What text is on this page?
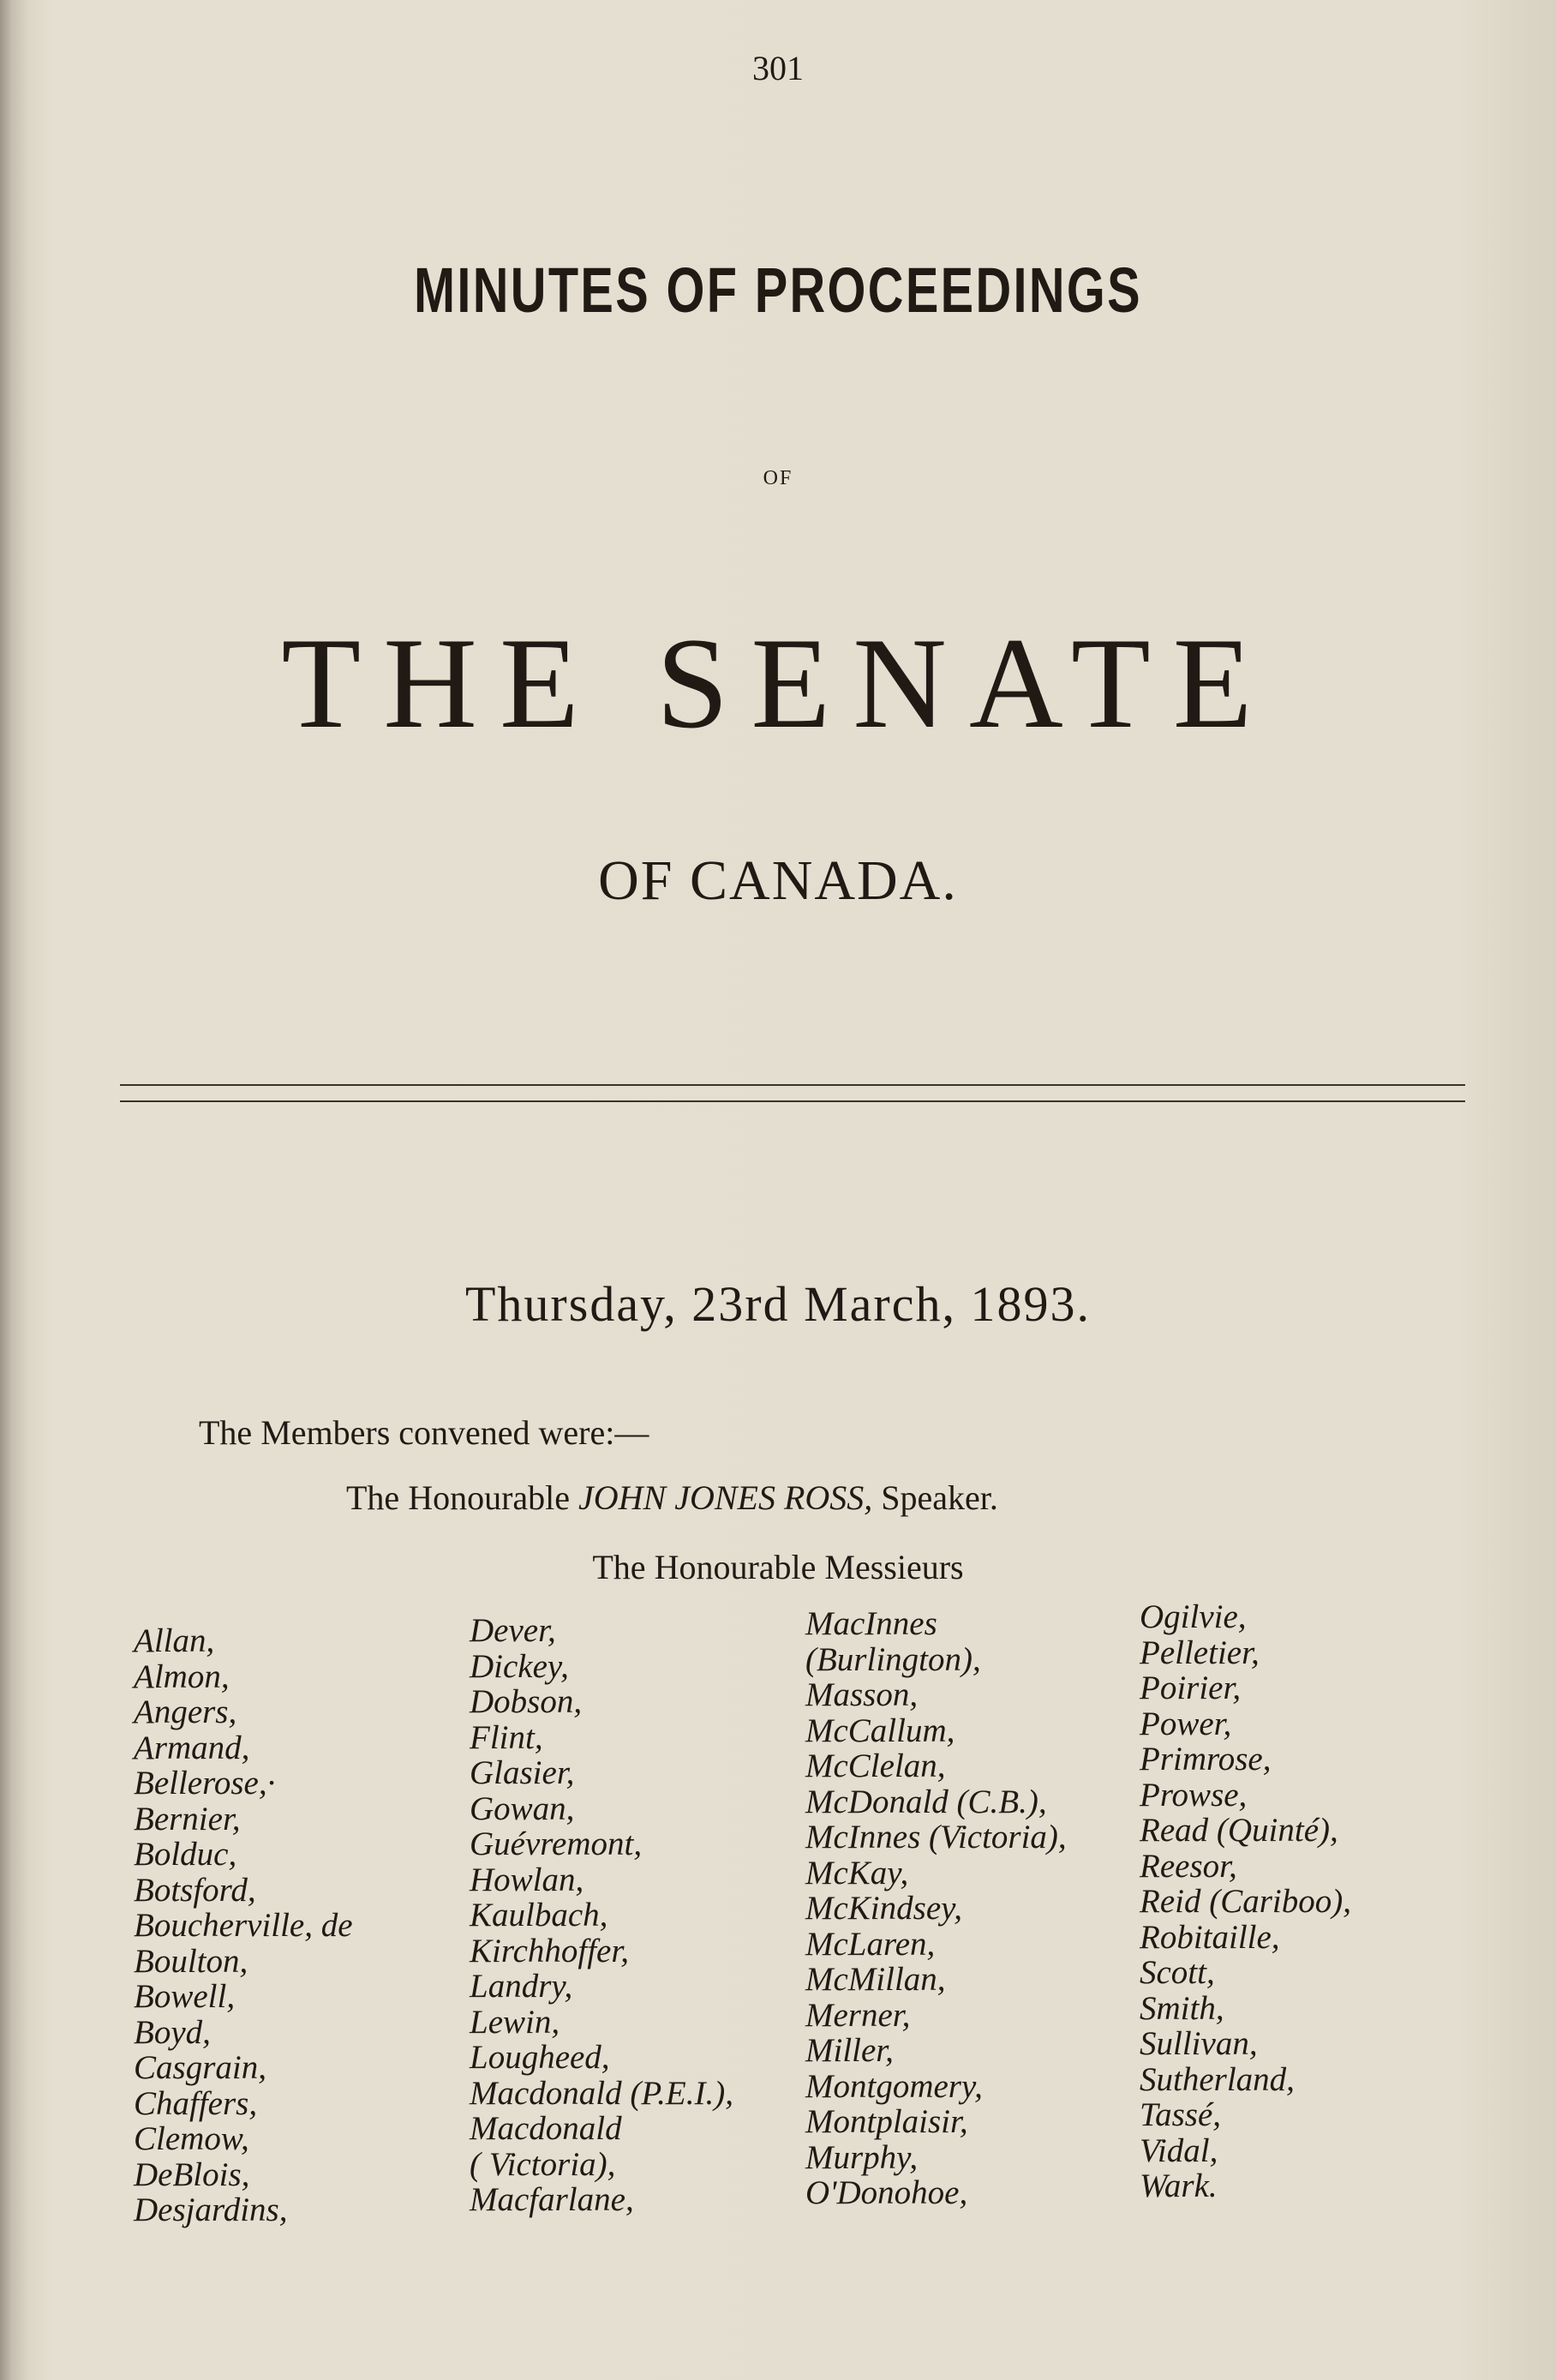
301
MINUTES OF PROCEEDINGS
OF
THE SENATE
OF CANADA.
Thursday, 23rd March, 1893.
The Members convened were:—
The Honourable JOHN JONES ROSS, Speaker.
The Honourable Messieurs
Allan,
Almon,
Angers,
Armand,
Bellerose,·
Bernier,
Bolduc,
Botsford,
Boucherville, de
Boulton,
Bowell,
Boyd,
Casgrain,
Chaffers,
Clemow,
DeBlois,
Desjardins,
Dever,
Dickey,
Dobson,
Flint,
Glasier,
Gowan,
Guévremont,
Howlan,
Kaulbach,
Kirchhoffer,
Landry,
Lewin,
Lougheed,
Macdonald (P.E.I.),
Macdonald
( Victoria),
Macfarlane,
MacInnes
(Burlington),
Masson,
McCallum,
McClelan,
McDonald (C.B.),
McInnes (Victoria),
McKay,
McKindsey,
McLaren,
McMillan,
Merner,
Miller,
Montgomery,
Montplaisir,
Murphy,
O'Donohoe,
Ogilvie,
Pelletier,
Poirier,
Power,
Primrose,
Prowse,
Read (Quinté),
Reesor,
Reid (Cariboo),
Robitaille,
Scott,
Smith,
Sullivan,
Sutherland,
Tassé,
Vidal,
Wark.
